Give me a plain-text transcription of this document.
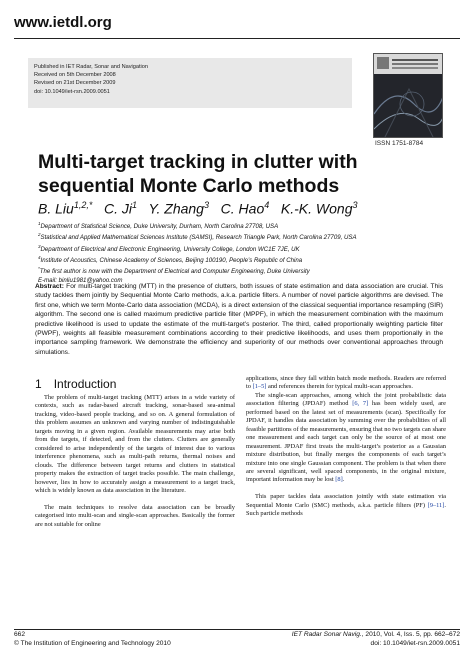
www.ietdl.org
Published in IET Radar, Sonar and Navigation
Received on 5th December 2008
Revised on 21st December 2009
doi: 10.1049/iet-rsn.2009.0051
ISSN 1751-8784
Multi-target tracking in clutter with
sequential Monte Carlo methods
B. Liu$^{1,2,*}$ C. Ji$^1$ Y. Zhang$^3$ C. Hao$^4$ K.-K. Wong$^3$
$^1$Department of Statistical Science, Duke University, Durham, North Carolina 27708, USA
$^2$Statistical and Applied Mathematical Sciences Institute (SAMSI), Research Triangle Park, North Carolina 27709, USA
$^3$Department of Electrical and Electronic Engineering, University College, London WC1E 7JE, UK
$^4$Institute of Acoustics, Chinese Academy of Sciences, Beijing 100190, People’s Republic of China
*The first author is now with the Department of Electrical and Computer Engineering, Duke University
E-mail: binliu1981@yahoo.com
Abstract: For multi-target tracking (MTT) in the presence of clutters, both issues of state estimation and data association are crucial. This study tackles them jointly by Sequential Monte Carlo methods, a.k.a. particle filters. A number of novel particle algorithms are devised. The first one, which we term Monte-Carlo data association (MCDA), is a direct extension of the classical sequential importance resampling (SIR) algorithm. The second one is called maximum predictive particle filter (MPPF), in which the measurement combination with the maximum predictive likelihood is used to update the estimate of the multi-target’s posterior. The third, called proportionally weighting particle filter (PWPF), weights all feasible measurement combinations according to their predictive likelihoods, and uses them proportionally in the importance sampling framework. We demonstrate the efficiency and superiority of our methods over conventional approaches through simulations.
1 Introduction

The problem of multi-target tracking (MTT) arises in a wide variety of contexts, such as radar-based aircraft tracking, sonar-based sea-animal tracking, video-based people tracking, and so on. A general formulation of this problem assumes an unknown and varying number of indistinguishable targets moving in a given region. Available measurements may arise both from the targets, if detected, and from the clutters. Clutters are generally considered to arise independently of the targets of interest due to various interference phenomena, such as multi-path returns, thermal noises and clouds. The difference between target returns and clutters in statistical property makes the extraction of target tracks possible. The main challenge, however, lies in how to accurately assign a measurement to a target track, which is widely known as data association in the literature.

The main techniques to resolve data association can be broadly categorised into multi-scan and single-scan approaches. Basically the former are not suitable for online

applications, since they fall within batch mode methods. Readers are referred to [1–5] and references therein for typical multi-scan approaches.

The single-scan approaches, among which the joint probabilistic data association filtering (JPDAF) method [6, 7] has been widely used, are performed based on the latest set of measurements (scan). Specifically for JPDAF, it handles data association by summing over the probabilities of all feasible partitions of the measurements, ensuring that no two targets can share one measurement and each target can only be the source of at most one measurement. JPDAF first treats the multi-target’s posterior as a Gaussian mixture distribution, but finally merges the components of each target’s mixture into one single Gaussian component. The problem is that when there are several significant, well spaced components, in the original mixture, important information may be lost [8].

This paper tackles data association jointly with state estimation via Sequential Monte Carlo (SMC) methods, a.k.a. particle filters (PF) [9–11]. Such particle methods

662
© The Institution of Engineering and Technology 2010
IET Radar Sonar Navig., 2010, Vol. 4, Iss. 5, pp. 662–672
doi: 10.1049/iet-rsn.2009.0051
